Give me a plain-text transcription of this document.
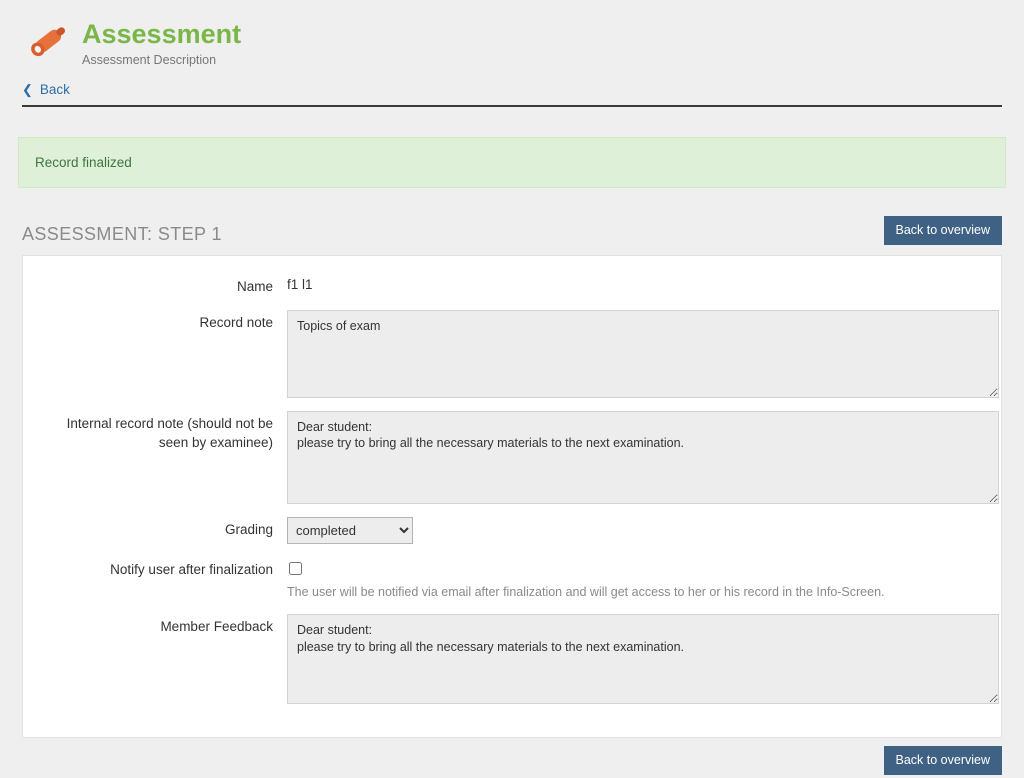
Assessment
Assessment Description
❮ Back
Record finalized
ASSESSMENT: STEP 1	Back to overview
Name	f1 l1
Record note
Topics of exam
Internal record note (should not be seen by examinee)
Dear student: please try to bring all the necessary materials to the next examination.
Grading
completed
Notify user after finalization
The user will be notified via email after finalization and will get access to her or his record in the Info-Screen.
Member Feedback
Dear student: please try to bring all the necessary materials to the next examination.
Back to overview
